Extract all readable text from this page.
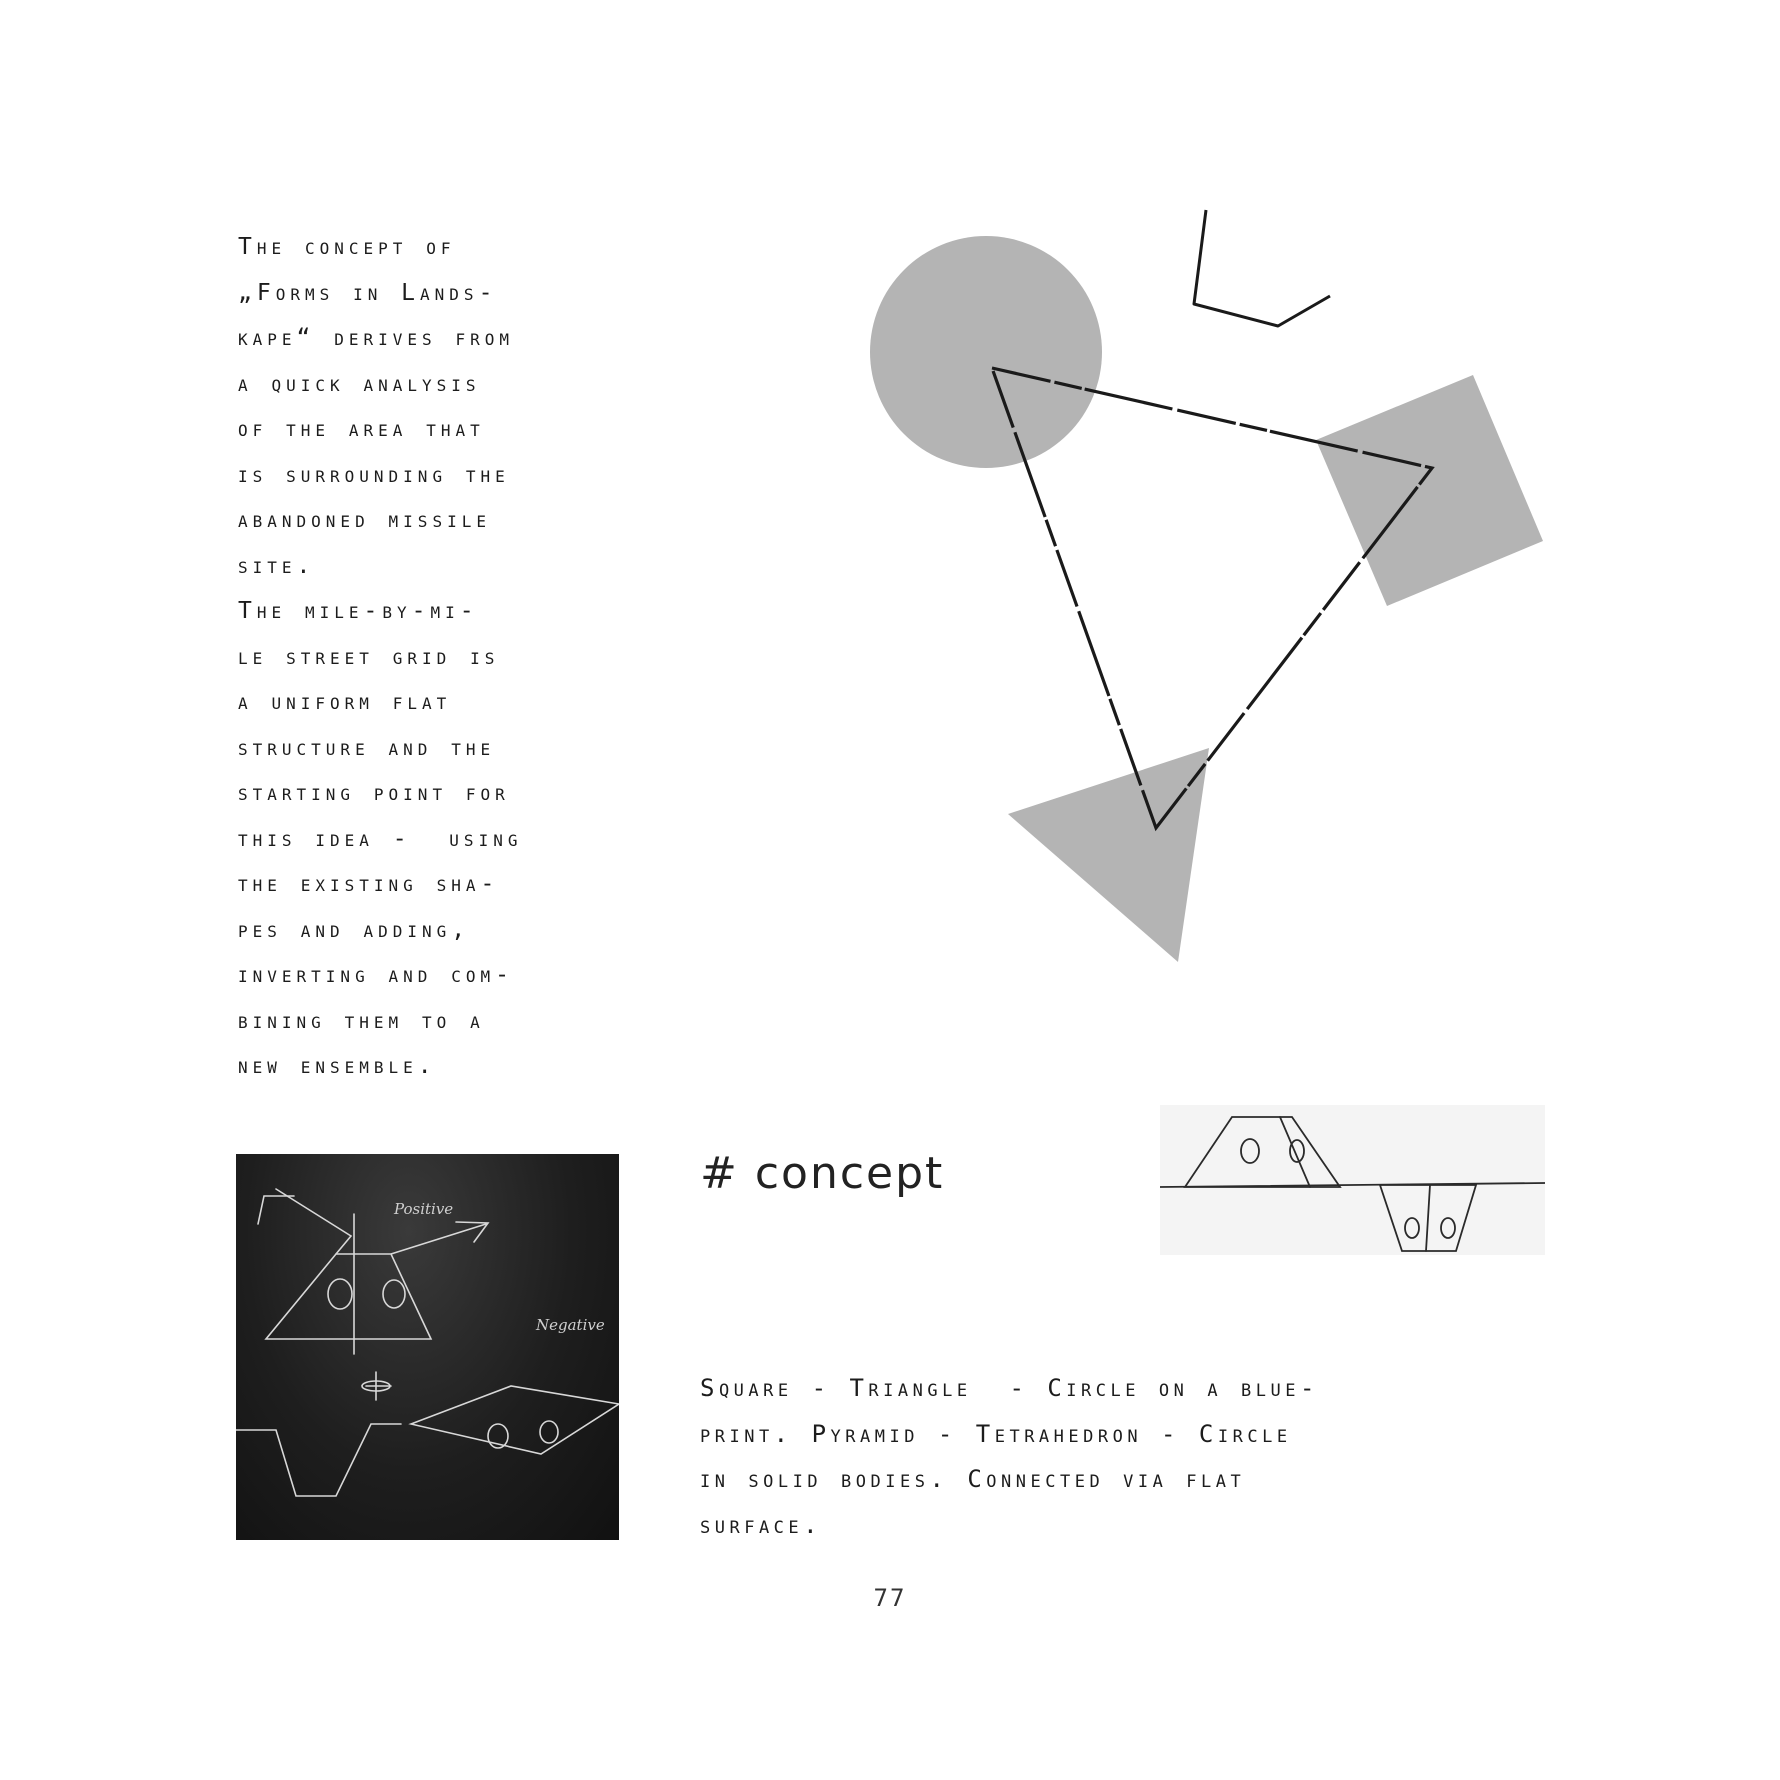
The concept of
„Forms in Lands-
kape“ derives from
a quick analysis
of the area that
is surrounding the
abandoned missile
site.
The mile-by-mi-
le street grid is
a uniform flat
structure and the
starting point for
this idea -  using
the existing sha-
pes and adding,
inverting and com-
bining them to a
new ensemble.

Positive
Negative
# concept

Square - Triangle  - Circle on a blue-
print. Pyramid - Tetrahedron - Circle
in solid bodies. Connected via flat
surface.

77
